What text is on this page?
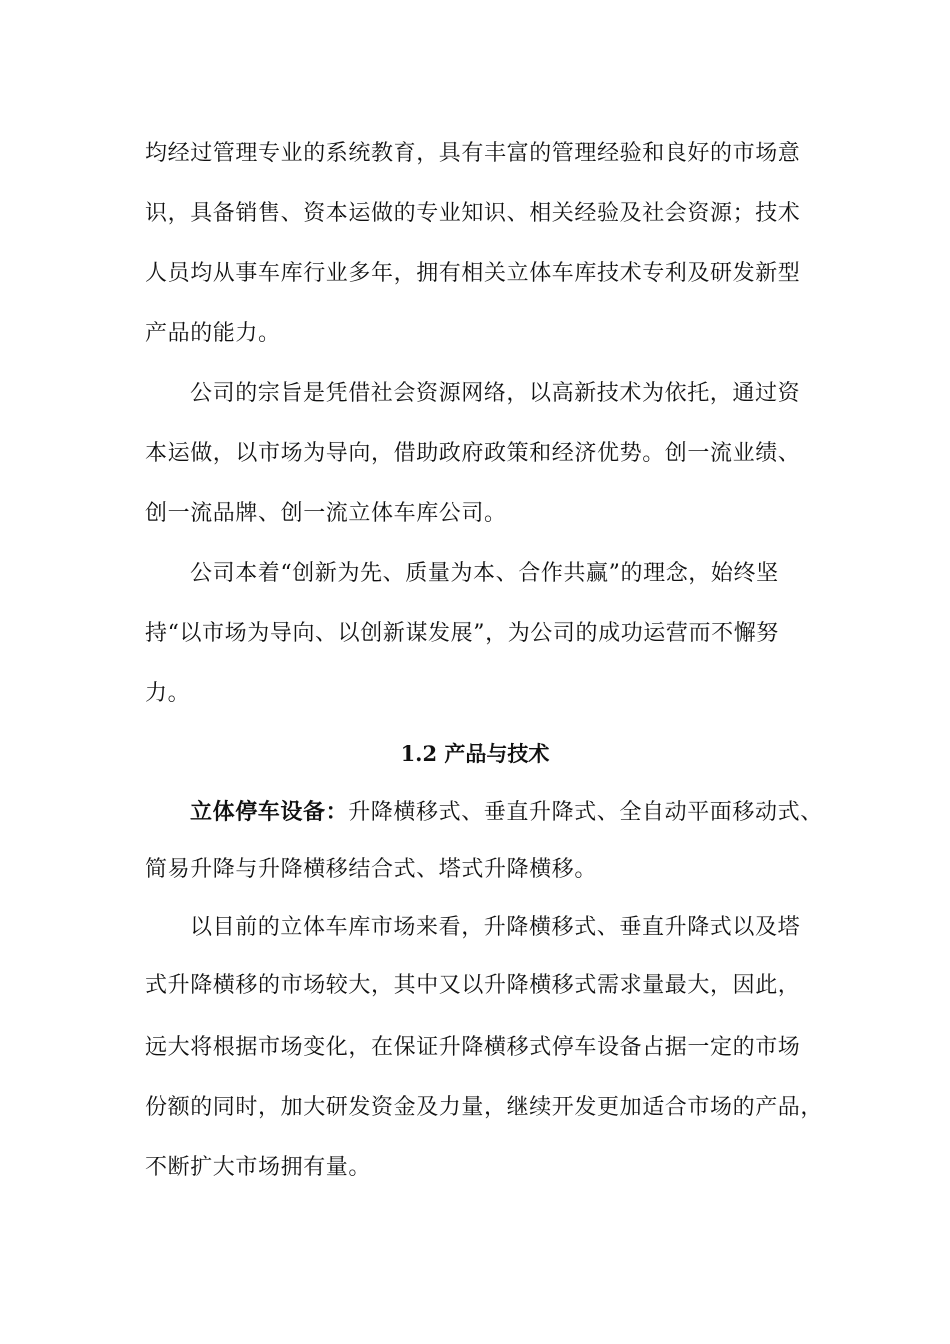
均经过管理专业的系统教育，具有丰富的管理经验和良好的市场意
识，具备销售、资本运做的专业知识、相关经验及社会资源；技术
人员均从事车库行业多年，拥有相关立体车库技术专利及研发新型
产品的能力。
公司的宗旨是凭借社会资源网络，以高新技术为依托，通过资
本运做，以市场为导向，借助政府政策和经济优势。创一流业绩、
创一流品牌、创一流立体车库公司。
公司本着“创新为先、质量为本、合作共赢”的理念，始终坚
持“以市场为导向、以创新谋发展”，为公司的成功运营而不懈努
力。
1.2 产品与技术
立体停车设备：升降横移式、垂直升降式、全自动平面移动式、
简易升降与升降横移结合式、塔式升降横移。
以目前的立体车库市场来看，升降横移式、垂直升降式以及塔
式升降横移的市场较大，其中又以升降横移式需求量最大，因此，
远大将根据市场变化，在保证升降横移式停车设备占据一定的市场
份额的同时，加大研发资金及力量，继续开发更加适合市场的产品，
不断扩大市场拥有量。
